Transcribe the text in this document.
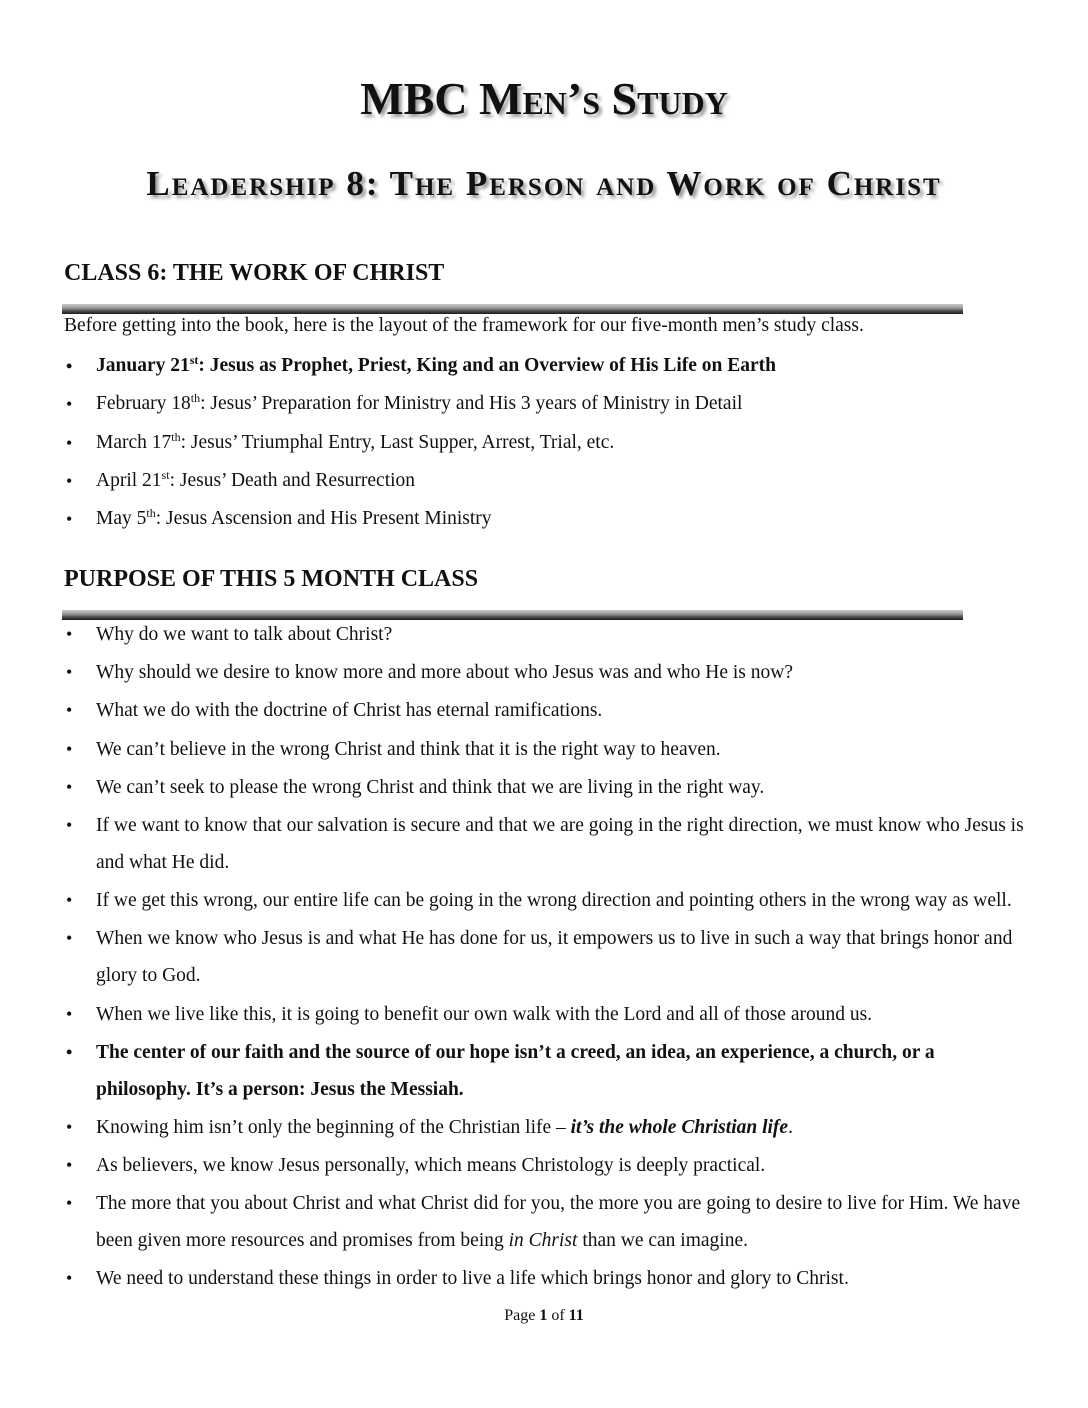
MBC Men’s Study
Leadership 8: The Person and Work of Christ
CLASS 6: THE WORK OF CHRIST

Before getting into the book, here is the layout of the framework for our five-month men’s study class.

• January 21st: Jesus as Prophet, Priest, King and an Overview of His Life on Earth
• February 18th: Jesus’ Preparation for Ministry and His 3 years of Ministry in Detail
• March 17th: Jesus’ Triumphal Entry, Last Supper, Arrest, Trial, etc.
• April 21st: Jesus’ Death and Resurrection
• May 5th: Jesus Ascension and His Present Ministry
PURPOSE OF THIS 5 MONTH CLASS
• Why do we want to talk about Christ?
• Why should we desire to know more and more about who Jesus was and who He is now?
• What we do with the doctrine of Christ has eternal ramifications.
• We can’t believe in the wrong Christ and think that it is the right way to heaven.
• We can’t seek to please the wrong Christ and think that we are living in the right way.
• If we want to know that our salvation is secure and that we are going in the right direction, we must know who Jesus is and what He did.
• If we get this wrong, our entire life can be going in the wrong direction and pointing others in the wrong way as well.
• When we know who Jesus is and what He has done for us, it empowers us to live in such a way that brings honor and glory to God.
• When we live like this, it is going to benefit our own walk with the Lord and all of those around us.
• The center of our faith and the source of our hope isn’t a creed, an idea, an experience, a church, or a philosophy. It’s a person: Jesus the Messiah.
• Knowing him isn’t only the beginning of the Christian life – it’s the whole Christian life.
• As believers, we know Jesus personally, which means Christology is deeply practical.
• The more that you about Christ and what Christ did for you, the more you are going to desire to live for Him. We have been given more resources and promises from being in Christ than we can imagine.
• We need to understand these things in order to live a life which brings honor and glory to Christ.

Page 1 of 11
